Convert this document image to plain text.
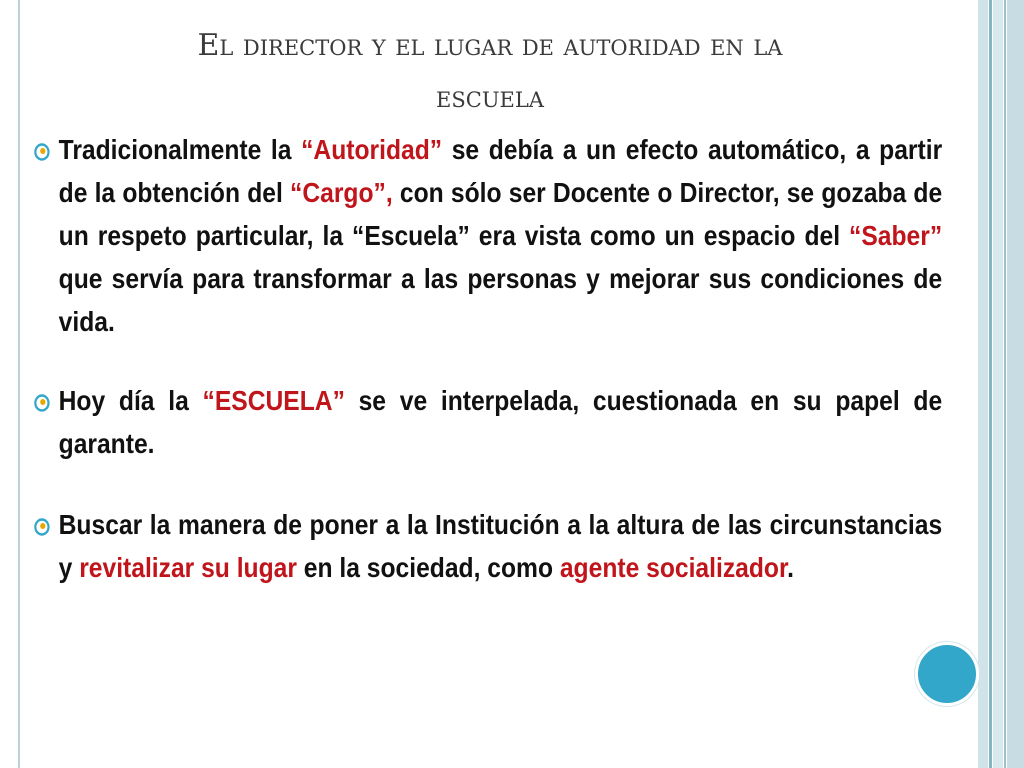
El director y el lugar de autoridad en la
escuela
Tradicionalmente la “Autoridad” se debía a un efecto automático, a partir de la obtención del “Cargo”, con sólo ser Docente o Director, se gozaba de un respeto particular, la “Escuela” era vista como un espacio del “Saber” que servía para transformar a las personas y mejorar sus condiciones de vida.
Hoy día la “ESCUELA” se ve interpelada, cuestionada en su papel de garante.
Buscar la manera de poner a la Institución a la altura de las circunstancias y revitalizar su lugar en la sociedad, como agente socializador.
